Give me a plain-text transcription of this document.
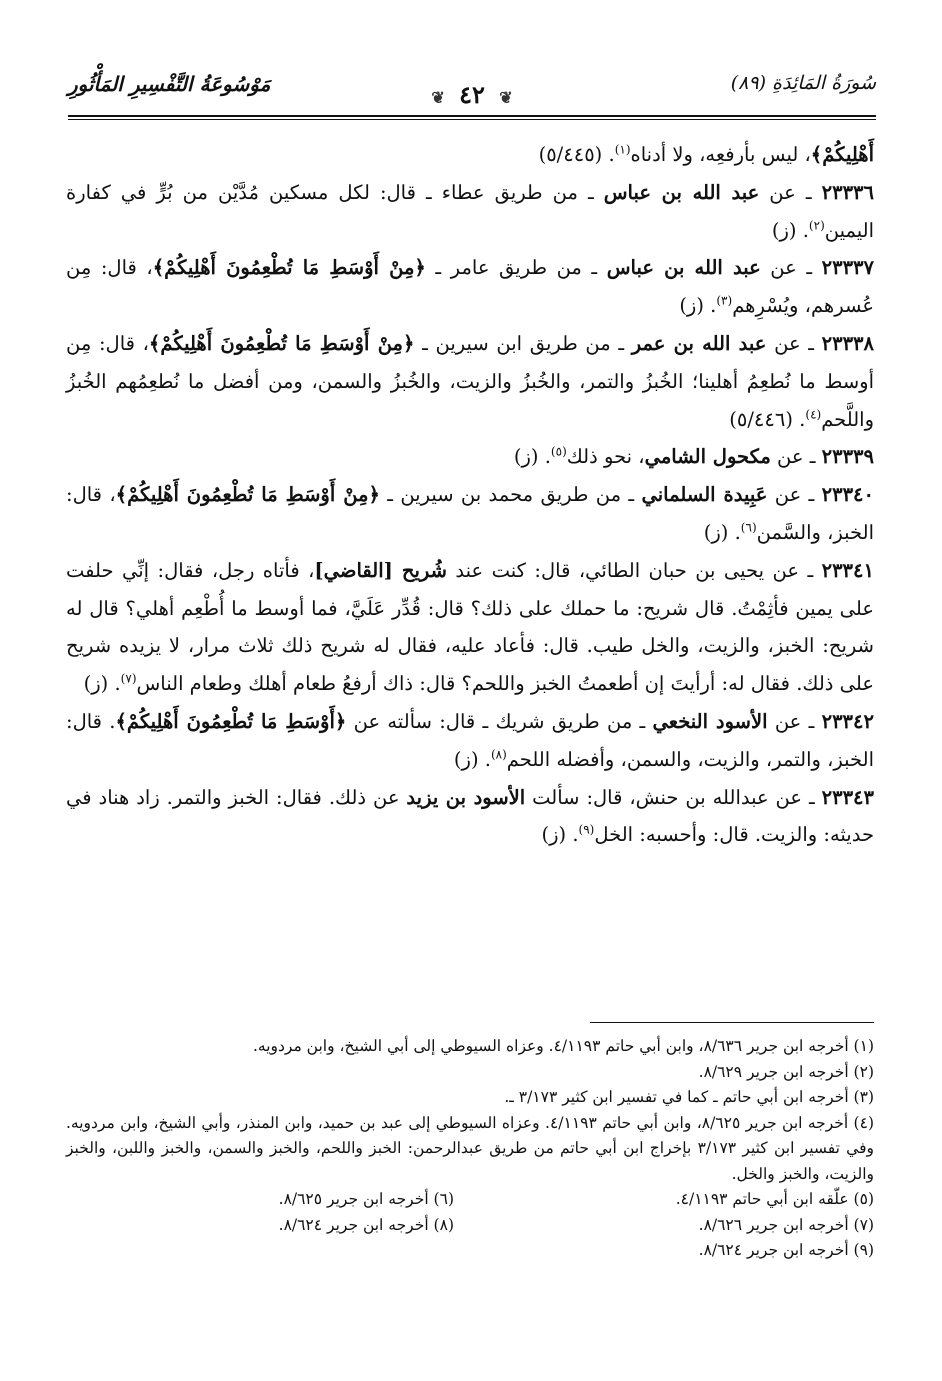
سُورَةُ المَائِدَةِ (٨٩)
❦ ٤٢ ❦
مَوْسُوعَةُ التَّفْسِيرِ المَأْثُورِ

أَهْلِيكُمْ﴾، ليس بأرفعِه، ولا أدناه$^{(١)}$. (٥/٤٤٥)

٢٣٣٣٦ ـ عن عبد الله بن عباس ـ من طريق عطاء ـ قال: لكل مسكين مُدَّيْن من بُرٍّ في كفارة اليمين$^{(٢)}$. (ز)

٢٣٣٣٧ ـ عن عبد الله بن عباس ـ من طريق عامر ـ ﴿مِنْ أَوْسَطِ مَا تُطْعِمُونَ أَهْلِيكُمْ﴾، قال: مِن عُسرهم، ويُسْرِهم$^{(٣)}$. (ز)

٢٣٣٣٨ ـ عن عبد الله بن عمر ـ من طريق ابن سيرين ـ ﴿مِنْ أَوْسَطِ مَا تُطْعِمُونَ أَهْلِيكُمْ﴾، قال: مِن أوسط ما نُطعِمُ أهلينا؛ الخُبزُ والتمر، والخُبزُ والزيت، والخُبزُ والسمن، ومن أفضل ما نُطعِمُهم الخُبزُ واللَّحم$^{(٤)}$. (٥/٤٤٦)

٢٣٣٣٩ ـ عن مكحول الشامي، نحو ذلك$^{(٥)}$. (ز)

٢٣٣٤٠ ـ عن عَبِيدة السلماني ـ من طريق محمد بن سيرين ـ ﴿مِنْ أَوْسَطِ مَا تُطْعِمُونَ أَهْلِيكُمْ﴾، قال: الخبز، والسَّمن$^{(٦)}$. (ز)

٢٣٣٤١ ـ عن يحيى بن حبان الطائي، قال: كنت عند شُريح [القاضي]، فأتاه رجل، فقال: إنِّي حلفت على يمين فأثِمْتُ. قال شريح: ما حملك على ذلك؟ قال: قُدِّر عَلَيَّ، فما أوسط ما أُطْعِم أهلي؟ قال له شريح: الخبز، والزيت، والخل طيب. قال: فأعاد عليه، فقال له شريح ذلك ثلاث مرار، لا يزيده شريح على ذلك. فقال له: أرأيتَ إن أطعمتُ الخبز واللحم؟ قال: ذاك أرفعُ طعام أهلك وطعام الناس$^{(٧)}$. (ز)

٢٣٣٤٢ ـ عن الأسود النخعي ـ من طريق شريك ـ قال: سألته عن ﴿أَوْسَطِ مَا تُطْعِمُونَ أَهْلِيكُمْ﴾. قال: الخبز، والتمر، والزيت، والسمن، وأفضله اللحم$^{(٨)}$. (ز)

٢٣٣٤٣ ـ عن عبدالله بن حنش، قال: سألت الأسود بن يزيد عن ذلك. فقال: الخبز والتمر. زاد هناد في حديثه: والزيت. قال: وأحسبه: الخل$^{(٩)}$. (ز)

(١) أخرجه ابن جرير ٨/٦٣٦، وابن أبي حاتم ٤/١١٩٣. وعزاه السيوطي إلى أبي الشيخ، وابن مردويه.

(٢) أخرجه ابن جرير ٨/٦٢٩.

(٣) أخرجه ابن أبي حاتم ـ كما في تفسير ابن كثير ٣/١٧٣ ـ.

(٤) أخرجه ابن جرير ٨/٦٢٥، وابن أبي حاتم ٤/١١٩٣. وعزاه السيوطي إلى عبد بن حميد، وابن المنذر، وأبي الشيخ، وابن مردويه. وفي تفسير ابن كثير ٣/١٧٣ بإخراج ابن أبي حاتم من طريق عبدالرحمن: الخبز واللحم، والخبز والسمن، والخبز واللبن، والخبز والزيت، والخبز والخل.

(٥) علّقه ابن أبي حاتم ٤/١١٩٣.
(٦) أخرجه ابن جرير ٨/٦٢٥.
(٧) أخرجه ابن جرير ٨/٦٢٦.
(٨) أخرجه ابن جرير ٨/٦٢٤.

(٩) أخرجه ابن جرير ٨/٦٢٤.
